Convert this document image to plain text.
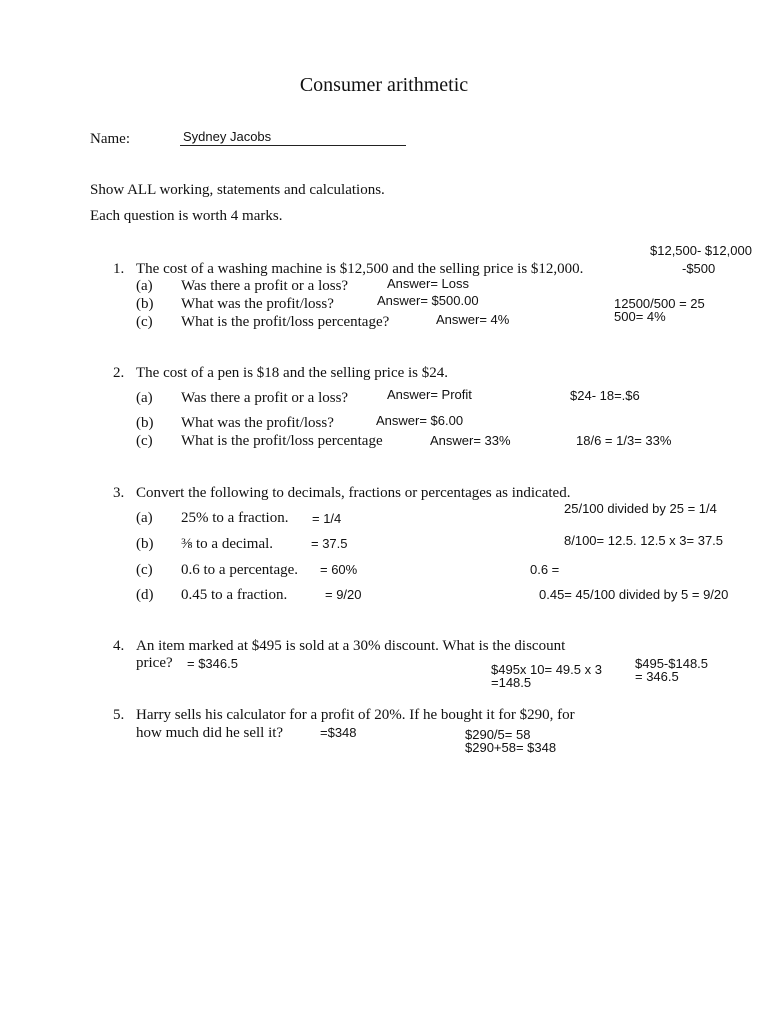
Consumer arithmetic
Name:	Sydney Jacobs
Show ALL working, statements and calculations.
Each question is worth 4 marks.
$12,500- $12,000
1. The cost of a washing machine is $12,500 and the selling price is $12,000.	-$500
(a) Was there a profit or a loss?	Answer= Loss
(b) What was the profit/loss?	Answer= $500.00	12500/500 = 25
(c) What is the profit/loss percentage?	Answer= 4%	500= 4%
2. The cost of a pen is $18 and the selling price is $24.
(a) Was there a profit or a loss?	Answer= Profit	$24- 18=.$6
(b) What was the profit/loss?	Answer= $6.00
(c) What is the profit/loss percentage	Answer= 33%	18/6 = 1/3= 33%
3. Convert the following to decimals, fractions or percentages as indicated.
25/100 divided by 25 = 1/4
(a) 25% to a fraction. = 1/4
(b) ⅜ to a decimal.	= 37.5	8/100= 12.5. 12.5 x 3= 37.5
(c) 0.6 to a percentage. = 60%	0.6 =
(d) 0.45 to a fraction.	= 9/20	0.45= 45/100 divided by 5 = 9/20
4. An item marked at $495 is sold at a 30% discount. What is the discount
price? = $346.5	$495-$148.5
$495x 10= 49.5 x 3	= 346.5
=148.5
5. Harry sells his calculator for a profit of 20%. If he bought it for $290, for
how much did he sell it?	=$348	$290/5= 58
$290+58= $348
